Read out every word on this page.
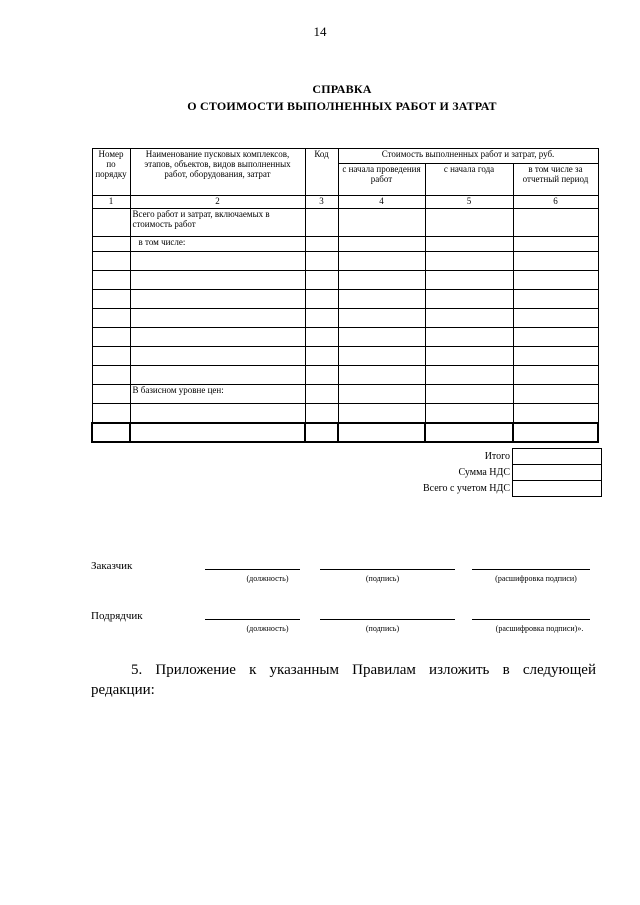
14
СПРАВКА
О СТОИМОСТИ ВЫПОЛНЕННЫХ РАБОТ И ЗАТРАТ
Номер по порядку	Наименование пусковых комплексов, этапов, объектов, видов выполненных работ, оборудования, затрат	Код	Стоимость выполненных работ и затрат, руб.		
			с начала проведения работ	с начала года	в том числе за отчетный период
1	2	3	4	5	6
	Всего работ и затрат, включаемых в стоимость работ				
	в том числе:				

	В базисном уровне цен:				

Итого	
Сумма НДС	
Всего с учетом НДС	
Заказчик
(должность)	(подпись)	(расшифровка подписи)
Подрядчик
(должность)	(подпись)	(расшифровка подписи)».
5. Приложение к указанным Правилам изложить в следующей
редакции:
